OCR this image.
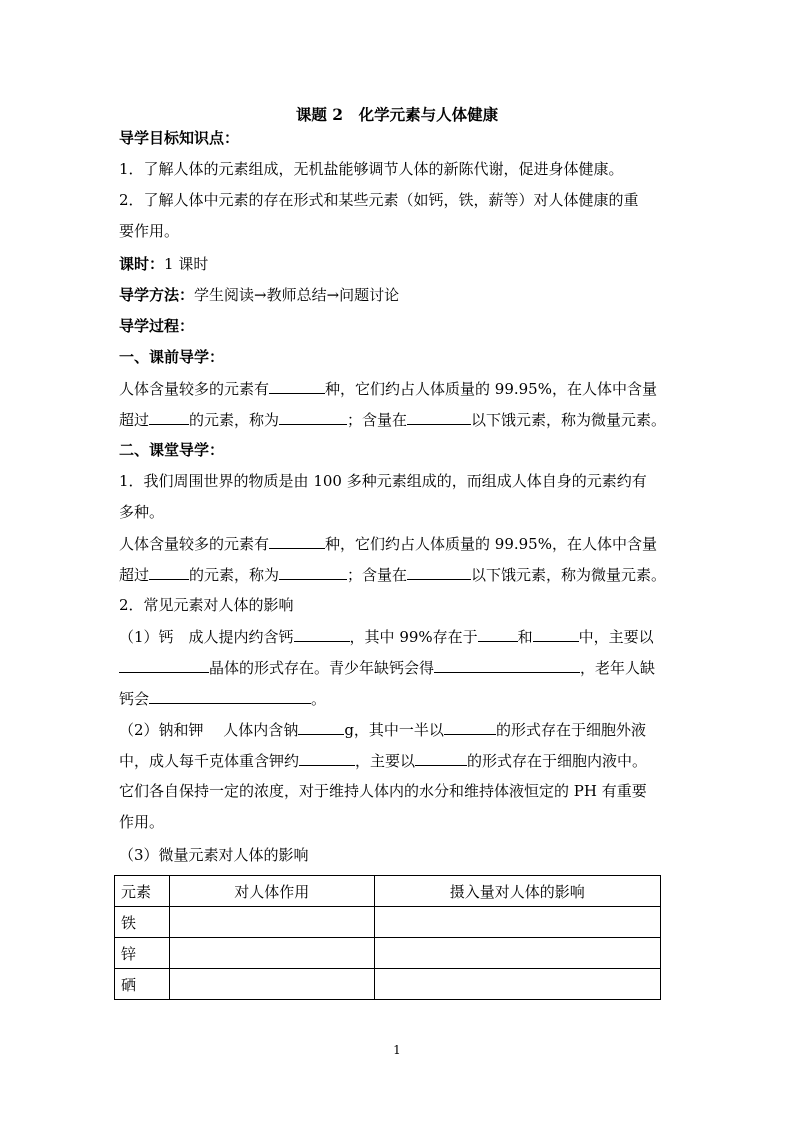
课题 2　化学元素与人体健康
导学目标知识点：
1．了解人体的元素组成，无机盐能够调节人体的新陈代谢，促进身体健康。
2．了解人体中元素的存在形式和某些元素（如钙，铁，薪等）对人体健康的重
要作用。
课时：1 课时
导学方法：学生阅读→教师总结→问题讨论
导学过程：
一、课前导学：
人体含量较多的元素有	种，它们约占人体质量的 99.95%，在人体中含量
超过	的元素，称为	；含量在	以下饿元素，称为微量元素。
二、课堂导学：
1．我们周围世界的物质是由 100 多种元素组成的，而组成人体自身的元素约有
多种。
人体含量较多的元素有	种，它们约占人体质量的 99.95%，在人体中含量
超过	的元素，称为	；含量在	以下饿元素，称为微量元素。
2．常见元素对人体的影响
（1）钙　成人提内约含钙	，其中 99%存在于	和	中，主要以
晶体的形式存在。青少年缺钙会得	，老年人缺
钙会	。
（2）钠和钾　 人体内含钠	g，其中一半以	的形式存在于细胞外液
中，成人每千克体重含钾约	，主要以	的形式存在于细胞内液中。
它们各自保持一定的浓度，对于维持人体内的水分和维持体液恒定的 PH 有重要
作用。
（3）微量元素对人体的影响
元素	对人体作用	摄入量对人体的影响
铁		
锌		
硒		
1
